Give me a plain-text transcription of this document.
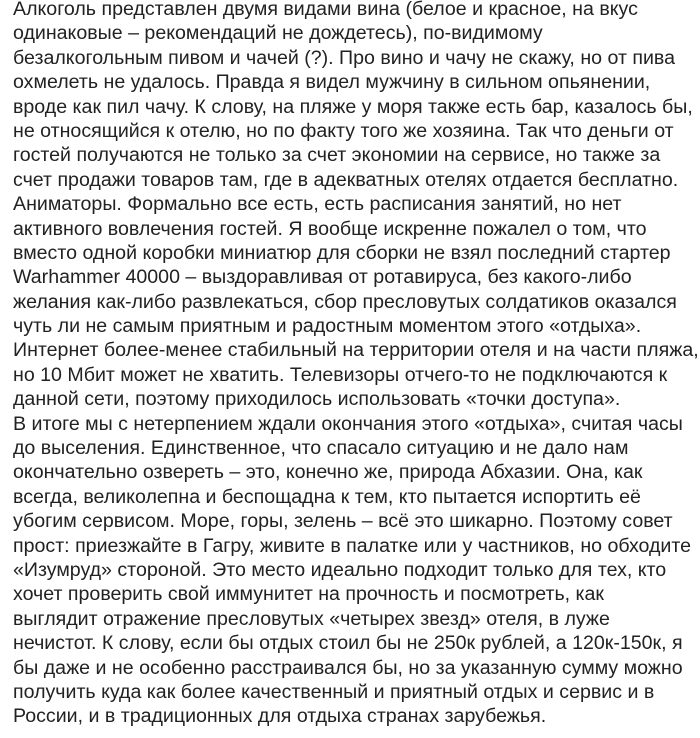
Алкоголь представлен двумя видами вина (белое и красное, на вкус
одинаковые – рекомендаций не дождетесь), по-видимому
безалкогольным пивом и чачей (?). Про вино и чачу не скажу, но от пива
охмелеть не удалось. Правда я видел мужчину в сильном опьянении,
вроде как пил чачу. К слову, на пляже у моря также есть бар, казалось бы,
не относящийся к отелю, но по факту того же хозяина. Так что деньги от
гостей получаются не только за счет экономии на сервисе, но также за
счет продажи товаров там, где в адекватных отелях отдается бесплатно.
Аниматоры. Формально все есть, есть расписания занятий, но нет
активного вовлечения гостей. Я вообще искренне пожалел о том, что
вместо одной коробки миниатюр для сборки не взял последний стартер
Warhammer 40000 – выздоравливая от ротавируса, без какого-либо
желания как-либо развлекаться, сбор пресловутых солдатиков оказался
чуть ли не самым приятным и радостным моментом этого «отдыха».
Интернет более-менее стабильный на территории отеля и на части пляжа,
но 10 Мбит может не хватить. Телевизоры отчего-то не подключаются к
данной сети, поэтому приходилось использовать «точки доступа».
В итоге мы с нетерпением ждали окончания этого «отдыха», считая часы
до выселения. Единственное, что спасало ситуацию и не дало нам
окончательно озвереть – это, конечно же, природа Абхазии. Она, как
всегда, великолепна и беспощадна к тем, кто пытается испортить её
убогим сервисом. Море, горы, зелень – всё это шикарно. Поэтому совет
прост: приезжайте в Гагру, живите в палатке или у частников, но обходите
«Изумруд» стороной. Это место идеально подходит только для тех, кто
хочет проверить свой иммунитет на прочность и посмотреть, как
выглядит отражение пресловутых «четырех звезд» отеля, в луже
нечистот. К слову, если бы отдых стоил бы не 250к рублей, а 120к-150к, я
бы даже и не особенно расстраивался бы, но за указанную сумму можно
получить куда как более качественный и приятный отдых и сервис и в
России, и в традиционных для отдыха странах зарубежья.
